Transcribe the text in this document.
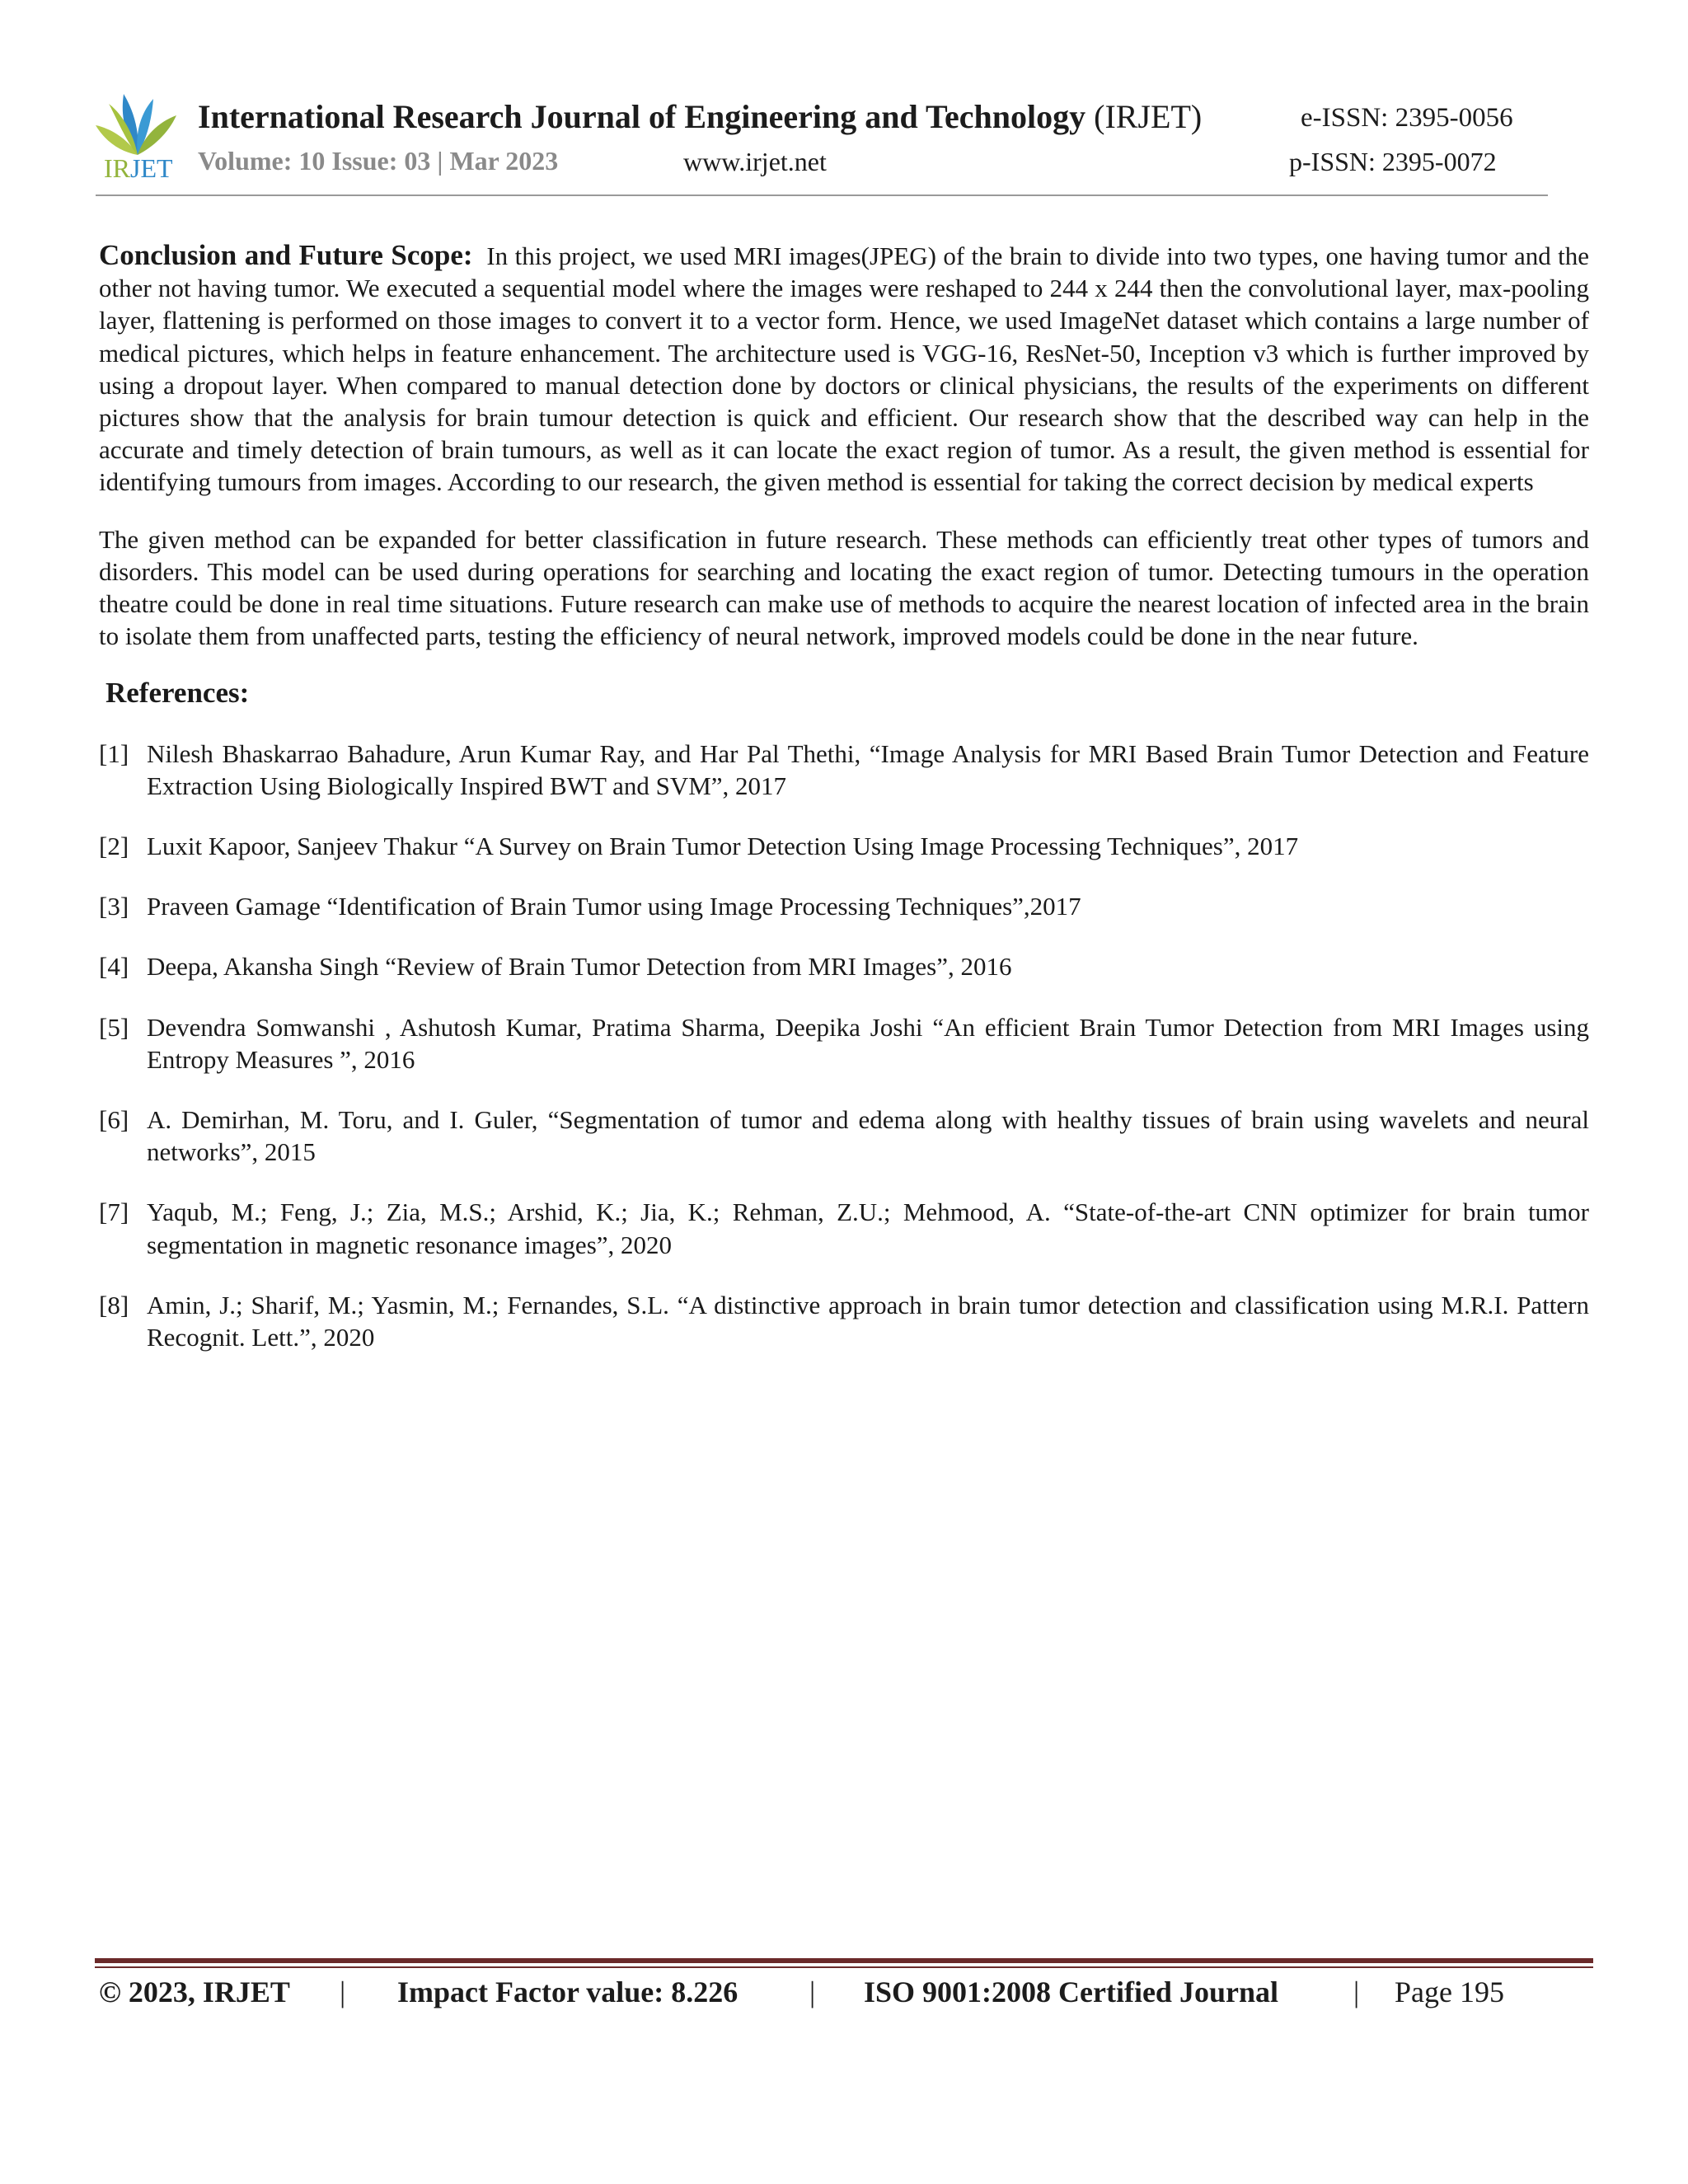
IRJET
International Research Journal of Engineering and Technology (IRJET)	e-ISSN: 2395-0056
Volume: 10 Issue: 03 | Mar 2023	www.irjet.net	p-ISSN: 2395-0072

Conclusion and Future Scope: In this project, we used MRI images(JPEG) of the brain to divide into two types, one having tumor and the other not having tumor. We executed a sequential model where the images were reshaped to 244 x 244 then the convolutional layer, max-pooling layer, flattening is performed on those images to convert it to a vector form. Hence, we used ImageNet dataset which contains a large number of medical pictures, which helps in feature enhancement. The architecture used is VGG-16, ResNet-50, Inception v3 which is further improved by using a dropout layer. When compared to manual detection done by doctors or clinical physicians, the results of the experiments on different pictures show that the analysis for brain tumour detection is quick and efficient. Our research show that the described way can help in the accurate and timely detection of brain tumours, as well as it can locate the exact region of tumor. As a result, the given method is essential for identifying tumours from images. According to our research, the given method is essential for taking the correct decision by medical experts

The given method can be expanded for better classification in future research. These methods can efficiently treat other types of tumors and disorders. This model can be used during operations for searching and locating the exact region of tumor. Detecting tumours in the operation theatre could be done in real time situations. Future research can make use of methods to acquire the nearest location of infected area in the brain to isolate them from unaffected parts, testing the efficiency of neural network, improved models could be done in the near future.

References:
[1] Nilesh Bhaskarrao Bahadure, Arun Kumar Ray, and Har Pal Thethi, “Image Analysis for MRI Based Brain Tumor Detection and Feature Extraction Using Biologically Inspired BWT and SVM”, 2017
[2] Luxit Kapoor, Sanjeev Thakur “A Survey on Brain Tumor Detection Using Image Processing Techniques”, 2017
[3] Praveen Gamage “Identification of Brain Tumor using Image Processing Techniques”,2017
[4] Deepa, Akansha Singh “Review of Brain Tumor Detection from MRI Images”, 2016
[5] Devendra Somwanshi , Ashutosh Kumar, Pratima Sharma, Deepika Joshi “An efficient Brain Tumor Detection from MRI Images using Entropy Measures ”, 2016
[6] A. Demirhan, M. Toru, and I. Guler, “Segmentation of tumor and edema along with healthy tissues of brain using wavelets and neural networks”, 2015
[7] Yaqub, M.; Feng, J.; Zia, M.S.; Arshid, K.; Jia, K.; Rehman, Z.U.; Mehmood, A. “State-of-the-art CNN optimizer for brain tumor segmentation in magnetic resonance images”, 2020
[8] Amin, J.; Sharif, M.; Yasmin, M.; Fernandes, S.L. “A distinctive approach in brain tumor detection and classification using M.R.I. Pattern Recognit. Lett.”, 2020
© 2023, IRJET | Impact Factor value: 8.226 | ISO 9001:2008 Certified Journal	| Page 195
